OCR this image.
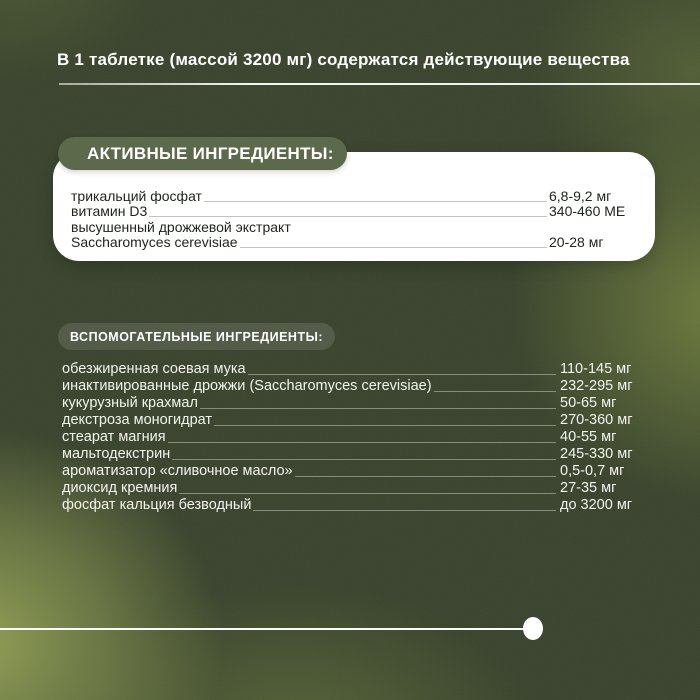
В 1 таблетке (массой 3200 мг) содержатся действующие вещества
АКТИВНЫЕ ИНГРЕДИЕНТЫ:
трикальций фосфат	6,8-9,2 мг
витамин D3	340-460 МЕ
высушенный дрожжевой экстракт
Saccharomyces cerevisiae	20-28 мг
ВСПОМОГАТЕЛЬНЫЕ ИНГРЕДИЕНТЫ:
обезжиренная соевая мука	110-145 мг
инактивированные дрожжи (Saccharomyces cerevisiae)	232-295 мг
кукурузный крахмал	50-65 мг
декстроза моногидрат	270-360 мг
стеарат магния	40-55 мг
мальтодекстрин	245-330 мг
ароматизатор «сливочное масло»	0,5-0,7 мг
диоксид кремния	27-35 мг
фосфат кальция безводный	до 3200 мг
